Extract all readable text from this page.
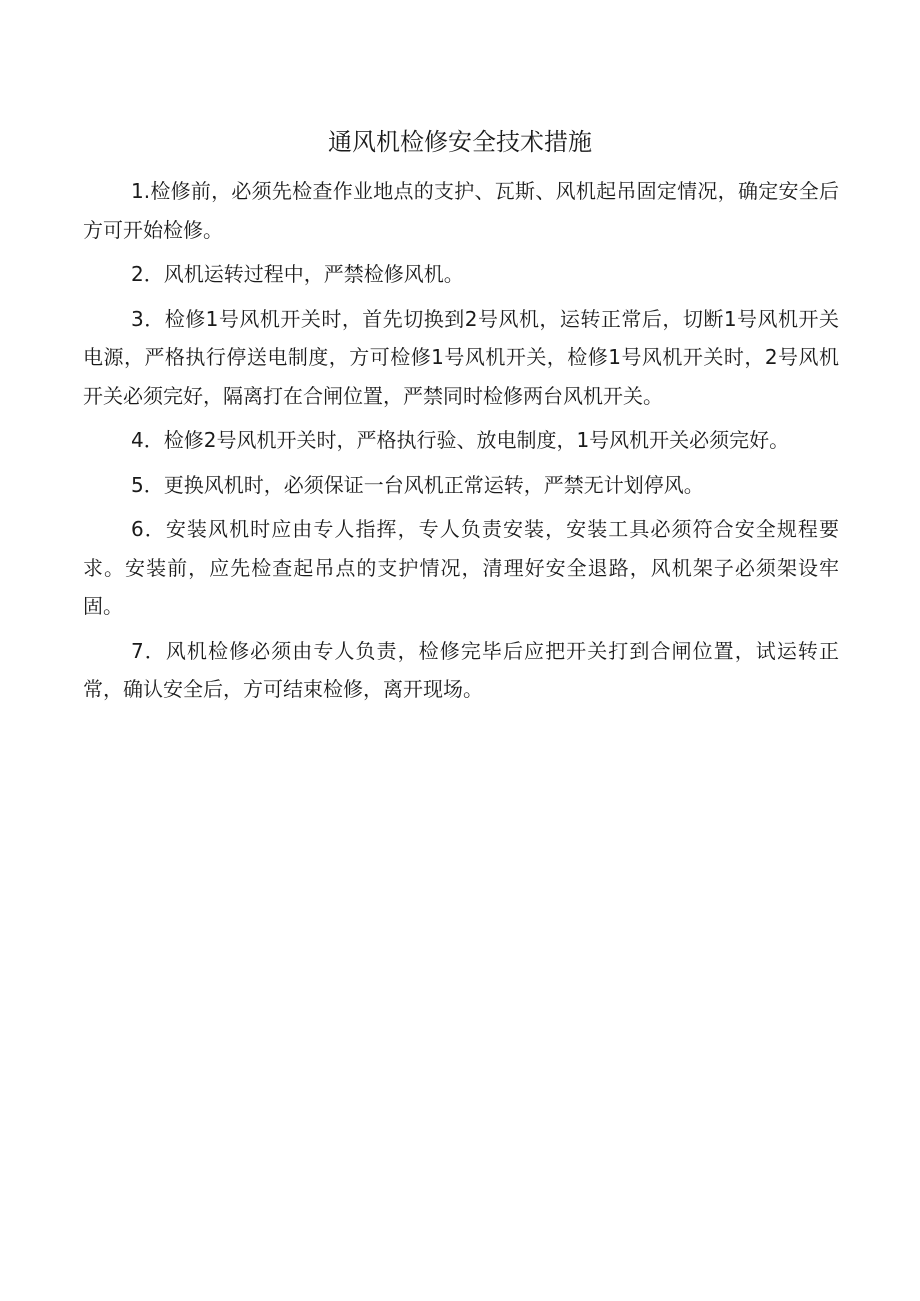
通风机检修安全技术措施

1.检修前，必须先检查作业地点的支护、瓦斯、风机起吊固定情况，确定安全后方可开始检修。

2．风机运转过程中，严禁检修风机。

3．检修1号风机开关时，首先切换到2号风机，运转正常后，切断1号风机开关电源，严格执行停送电制度，方可检修1号风机开关，检修1号风机开关时，2号风机开关必须完好，隔离打在合闸位置，严禁同时检修两台风机开关。

4．检修2号风机开关时，严格执行验、放电制度，1号风机开关必须完好。

5．更换风机时，必须保证一台风机正常运转，严禁无计划停风。

6．安装风机时应由专人指挥，专人负责安装，安装工具必须符合安全规程要求。安装前，应先检查起吊点的支护情况，清理好安全退路，风机架子必须架设牢固。

7．风机检修必须由专人负责，检修完毕后应把开关打到合闸位置，试运转正常，确认安全后，方可结束检修，离开现场。
